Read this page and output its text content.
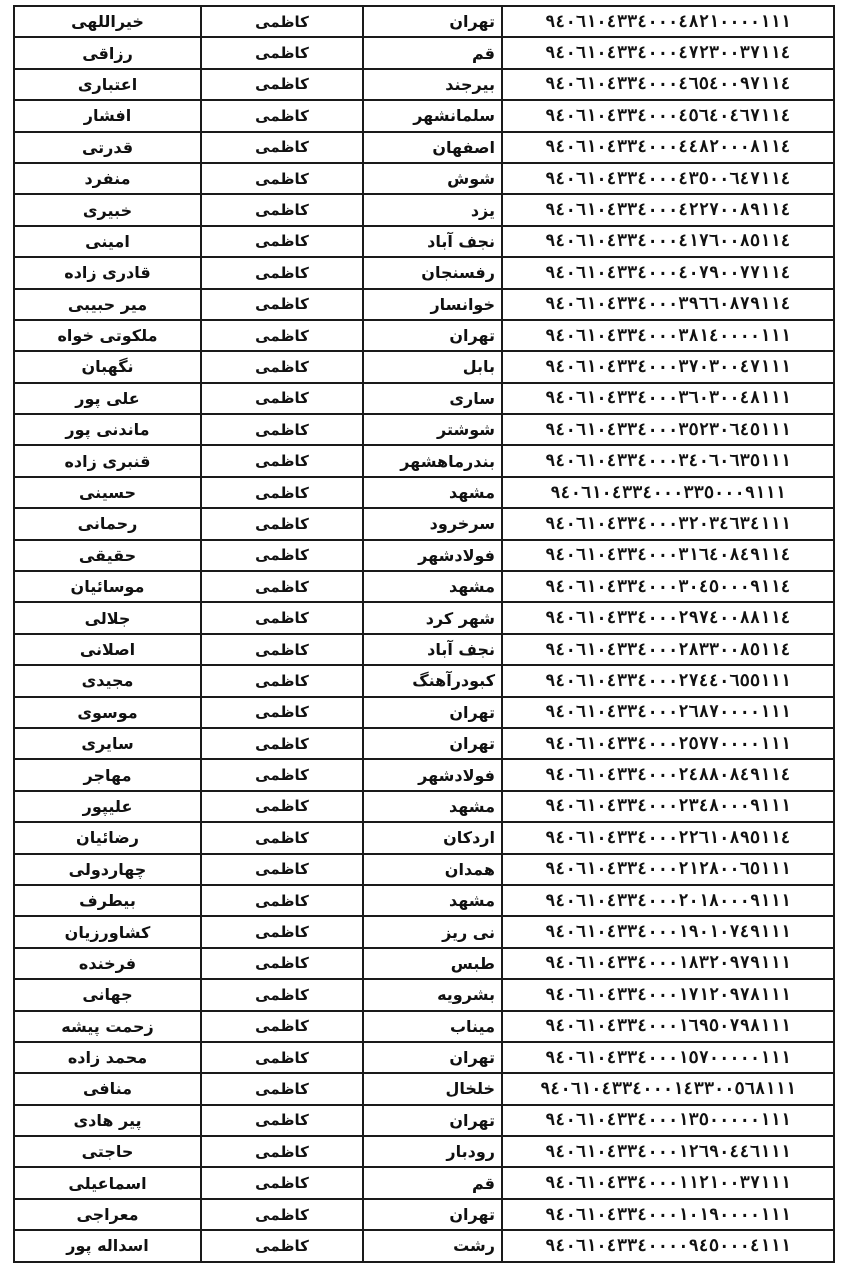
خیراللهی	کاظمی	تهران	۹٤۰٦۱۰٤۳۳٤۰۰۰٤۸۲۱۰۰۰۰۱۱۱
رزاقی	کاظمی	قم	۹٤۰٦۱۰٤۳۳٤۰۰۰٤۷۲۳۰۰۳۷۱۱٤
اعتباری	کاظمی	بیرجند	۹٤۰٦۱۰٤۳۳٤۰۰۰٤٦٥٤۰۰۹۷۱۱٤
افشار	کاظمی	سلمانشهر	۹٤۰٦۱۰٤۳۳٤۰۰۰٤٥٦٤۰٤٦۷۱۱٤
قدرتی	کاظمی	اصفهان	۹٤۰٦۱۰٤۳۳٤۰۰۰٤٤۸۲۰۰۰۸۱۱٤
منفرد	کاظمی	شوش	۹٤۰٦۱۰٤۳۳٤۰۰۰٤۳٥۰۰٦٤۷۱۱٤
خبیری	کاظمی	یزد	۹٤۰٦۱۰٤۳۳٤۰۰۰٤۲۲۷۰۰۸۹۱۱٤
امینی	کاظمی	نجف آباد	۹٤۰٦۱۰٤۳۳٤۰۰۰٤۱۷٦۰۰۸٥۱۱٤
قادری زاده	کاظمی	رفسنجان	۹٤۰٦۱۰٤۳۳٤۰۰۰٤۰۷۹۰۰۷۷۱۱٤
میر حبیبی	کاظمی	خوانسار	۹٤۰٦۱۰٤۳۳٤۰۰۰۳۹٦٦۰۸۷۹۱۱٤
ملکوتی خواه	کاظمی	تهران	۹٤۰٦۱۰٤۳۳٤۰۰۰۳۸۱٤۰۰۰۰۱۱۱
نگهبان	کاظمی	بابل	۹٤۰٦۱۰٤۳۳٤۰۰۰۳۷۰۳۰۰٤۷۱۱۱
علی پور	کاظمی	ساری	۹٤۰٦۱۰٤۳۳٤۰۰۰۳٦۰۳۰۰٤۸۱۱۱
ماندنی پور	کاظمی	شوشتر	۹٤۰٦۱۰٤۳۳٤۰۰۰۳٥۲۳۰٦٤٥۱۱۱
قنبری زاده	کاظمی	بندرماهشهر	۹٤۰٦۱۰٤۳۳٤۰۰۰۳٤۰٦۰٦۳٥۱۱۱
حسینی	کاظمی	مشهد	۹٤۰٦۱۰٤۳۳٤۰۰۰۳۳٥۰۰۰۹۱۱۱
رحمانی	کاظمی	سرخرود	۹٤۰٦۱۰٤۳۳٤۰۰۰۳۲۰۳٤٦۳٤۱۱۱
حقیقی	کاظمی	فولادشهر	۹٤۰٦۱۰٤۳۳٤۰۰۰۳۱٦٤۰۸٤۹۱۱٤
موسائیان	کاظمی	مشهد	۹٤۰٦۱۰٤۳۳٤۰۰۰۳۰٤٥۰۰۰۹۱۱٤
جلالی	کاظمی	شهر کرد	۹٤۰٦۱۰٤۳۳٤۰۰۰۲۹۷٤۰۰۸۸۱۱٤
اصلانی	کاظمی	نجف آباد	۹٤۰٦۱۰٤۳۳٤۰۰۰۲۸۳۳۰۰۸٥۱۱٤
مجیدی	کاظمی	کبودرآهنگ	۹٤۰٦۱۰٤۳۳٤۰۰۰۲۷٤٤۰٦٥٥۱۱۱
موسوی	کاظمی	تهران	۹٤۰٦۱۰٤۳۳٤۰۰۰۲٦۸۷۰۰۰۰۱۱۱
سایری	کاظمی	تهران	۹٤۰٦۱۰٤۳۳٤۰۰۰۲٥۷۷۰۰۰۰۱۱۱
مهاجر	کاظمی	فولادشهر	۹٤۰٦۱۰٤۳۳٤۰۰۰۲٤۸۸۰۸٤۹۱۱٤
علیپور	کاظمی	مشهد	۹٤۰٦۱۰٤۳۳٤۰۰۰۲۳٤۸۰۰۰۹۱۱۱
رضائیان	کاظمی	اردکان	۹٤۰٦۱۰٤۳۳٤۰۰۰۲۲٦۱۰۸۹٥۱۱٤
چهاردولی	کاظمی	همدان	۹٤۰٦۱۰٤۳۳٤۰۰۰۲۱۲۸۰۰٦٥۱۱۱
بیطرف	کاظمی	مشهد	۹٤۰٦۱۰٤۳۳٤۰۰۰۲۰۱۸۰۰۰۹۱۱۱
کشاورزیان	کاظمی	نی ریز	۹٤۰٦۱۰٤۳۳٤۰۰۰۱۹۰۱۰۷٤۹۱۱۱
فرخنده	کاظمی	طبس	۹٤۰٦۱۰٤۳۳٤۰۰۰۱۸۳۲۰۹۷۹۱۱۱
جهانی	کاظمی	بشرویه	۹٤۰٦۱۰٤۳۳٤۰۰۰۱۷۱۲۰۹۷۸۱۱۱
زحمت پیشه	کاظمی	میناب	۹٤۰٦۱۰٤۳۳٤۰۰۰۱٦۹٥۰۷۹۸۱۱۱
محمد زاده	کاظمی	تهران	۹٤۰٦۱۰٤۳۳٤۰۰۰۱٥۷۰۰۰۰۰۱۱۱
منافی	کاظمی	خلخال	۹٤۰٦۱۰٤۳۳٤۰۰۰۱٤۳۳۰۰٥٦۸۱۱۱
پیر هادی	کاظمی	تهران	۹٤۰٦۱۰٤۳۳٤۰۰۰۱۳٥۰۰۰۰۰۱۱۱
حاجتی	کاظمی	رودبار	۹٤۰٦۱۰٤۳۳٤۰۰۰۱۲٦۹۰٤٤٦۱۱۱
اسماعیلی	کاظمی	قم	۹٤۰٦۱۰٤۳۳٤۰۰۰۱۱۲۱۰۰۳۷۱۱۱
معراجی	کاظمی	تهران	۹٤۰٦۱۰٤۳۳٤۰۰۰۱۰۱۹۰۰۰۰۱۱۱
اسداله پور	کاظمی	رشت	۹٤۰٦۱۰٤۳۳٤۰۰۰۰۹٤٥۰۰۰٤۱۱۱
